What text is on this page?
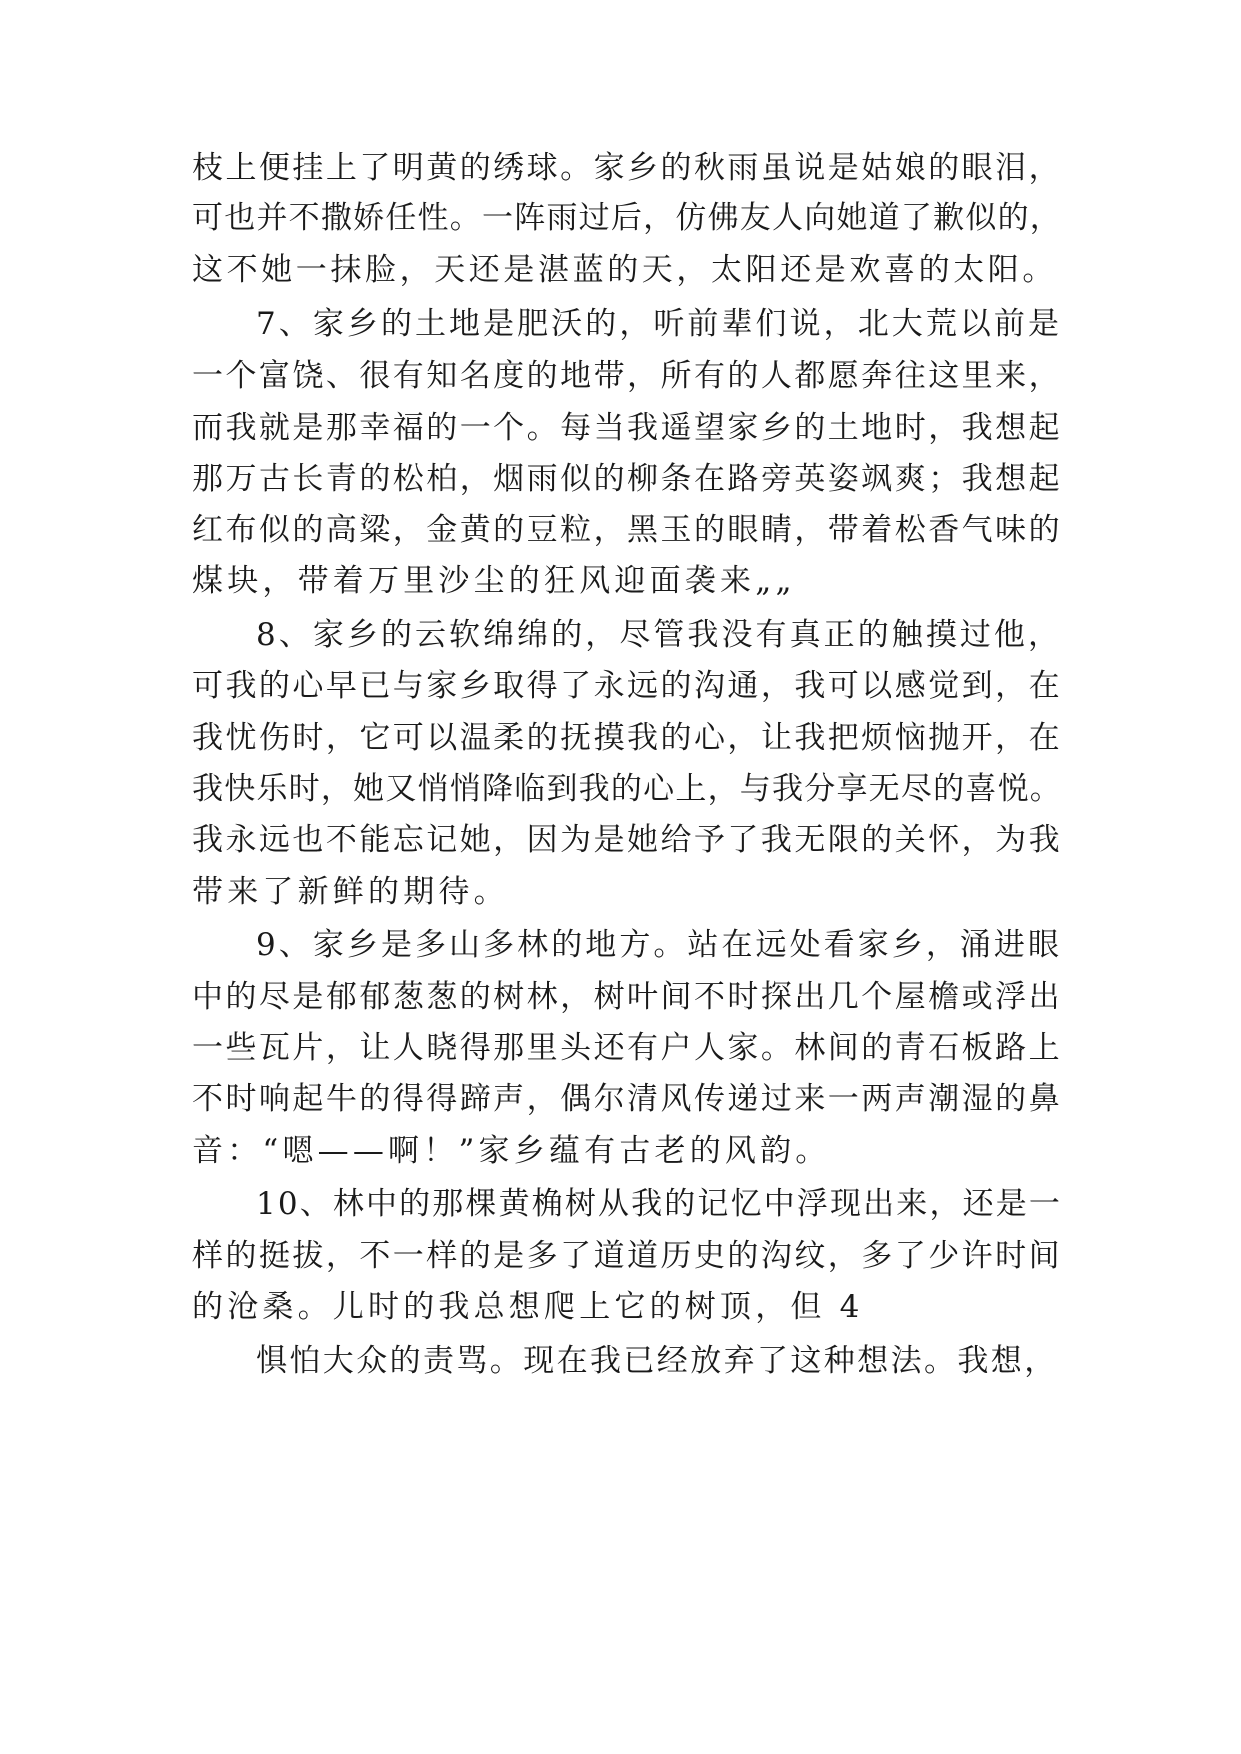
枝上便挂上了明黄的绣球。家乡的秋雨虽说是姑娘的眼泪，
可也并不撒娇任性。一阵雨过后，仿佛友人向她道了歉似的，
这不她一抹脸，天还是湛蓝的天，太阳还是欢喜的太阳。
7、家乡的土地是肥沃的，听前辈们说，北大荒以前是
一个富饶、很有知名度的地带，所有的人都愿奔往这里来，
而我就是那幸福的一个。每当我遥望家乡的土地时，我想起
那万古长青的松柏，烟雨似的柳条在路旁英姿飒爽；我想起
红布似的高粱，金黄的豆粒，黑玉的眼睛，带着松香气味的
煤块，带着万里沙尘的狂风迎面袭来„„
8、家乡的云软绵绵的，尽管我没有真正的触摸过他，
可我的心早已与家乡取得了永远的沟通，我可以感觉到，在
我忧伤时，它可以温柔的抚摸我的心，让我把烦恼抛开，在
我快乐时，她又悄悄降临到我的心上，与我分享无尽的喜悦。
我永远也不能忘记她，因为是她给予了我无限的关怀，为我
带来了新鲜的期待。
9、家乡是多山多林的地方。站在远处看家乡，涌进眼
中的尽是郁郁葱葱的树林，树叶间不时探出几个屋檐或浮出
一些瓦片，让人晓得那里头还有户人家。林间的青石板路上
不时响起牛的得得蹄声，偶尔清风传递过来一两声潮湿的鼻
音：“嗯——啊！”家乡蕴有古老的风韵。
10、林中的那棵黄桷树从我的记忆中浮现出来，还是一
样的挺拔，不一样的是多了道道历史的沟纹，多了少许时间
的沧桑。儿时的我总想爬上它的树顶，但 4
惧怕大众的责骂。现在我已经放弃了这种想法。我想，
